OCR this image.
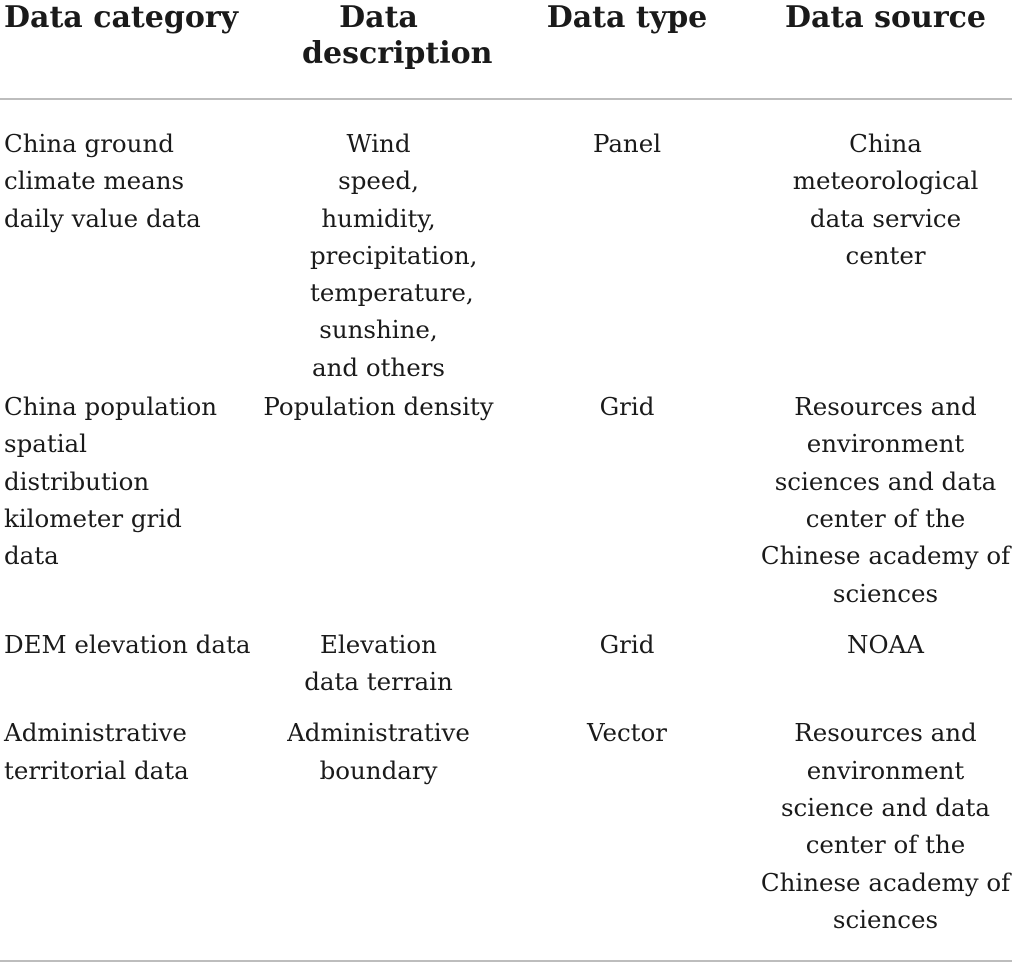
Data category	Data description	Data type	Data source
China ground climate means daily value data	Wind speed, humidity, precipitation, temperature, sunshine, and others	Panel	China meteorological data service center
China population spatial distribution kilometer grid data	Population density	Grid	Resources and environment sciences and data center of the Chinese academy of sciences
DEM elevation data	Elevation data terrain	Grid	NOAA
Administrative territorial data	Administrative boundary	Vector	Resources and environment science and data center of the Chinese academy of sciences
